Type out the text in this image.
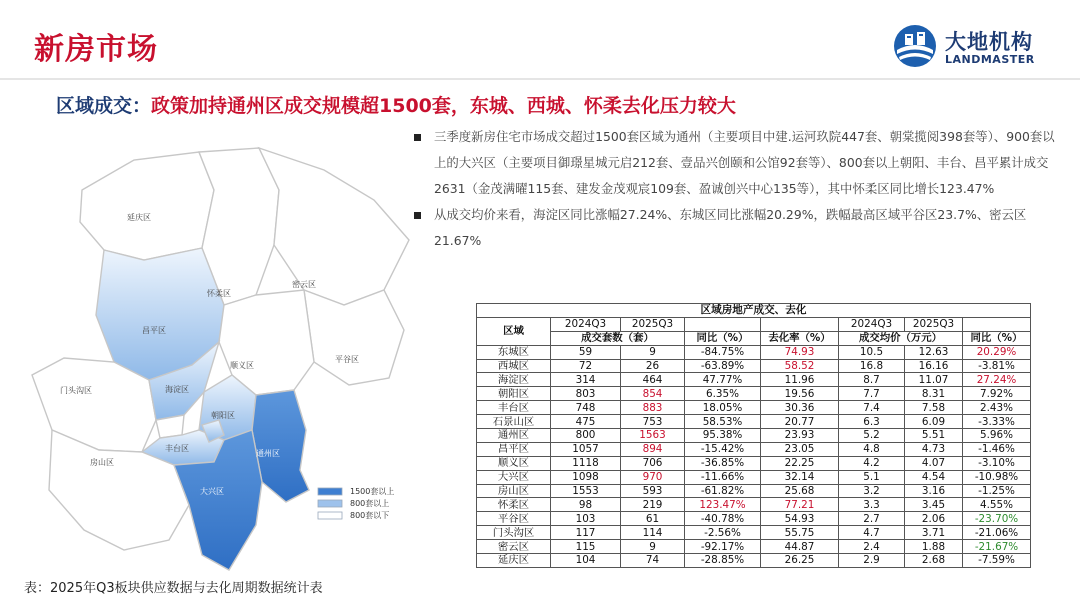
新房市场	大地机构
LANDMASTER
区域成交：政策加持通州区成交规模超1500套，东城、西城、怀柔去化压力较大

三季度新房住宅市场成交超过1500套区域为通州（主要项目中建.运河玖院447套、朝棠揽阅398套等）、900套以上的大兴区（主要项目御璟星城元启212套、壹品兴创颐和公馆92套等）、800套以上朝阳、丰台、昌平累计成交2631（金茂满曜115套、建发金茂观宸109套、盈诚创兴中心135等），其中怀柔区同比增长123.47%

从成交均价来看，海淀区同比涨幅27.24%、东城区同比涨幅20.29%，跌幅最高区域平谷区23.7%、密云区21.67%

延庆区
怀柔区
密云区
昌平区
平谷区
顺义区
门头沟区	海淀区
朝阳区
丰台区
通州区
房山区
大兴区	1500套以上
800套以上
800套以下
区域房地产成交、去化							
区域	2024Q3	2025Q3			2024Q3	2025Q3	
	成交套数（套）		同比（%）	去化率（%）	成交均价（万元）		同比（%）
东城区	59	9	-84.75%	74.93	10.5	12.63	20.29%
西城区	72	26	-63.89%	58.52	16.8	16.16	-3.81%
海淀区	314	464	47.77%	11.96	8.7	11.07	27.24%
朝阳区	803	854	6.35%	19.56	7.7	8.31	7.92%
丰台区	748	883	18.05%	30.36	7.4	7.58	2.43%
石景山区	475	753	58.53%	20.77	6.3	6.09	-3.33%
通州区	800	1563	95.38%	23.93	5.2	5.51	5.96%
昌平区	1057	894	-15.42%	23.05	4.8	4.73	-1.46%
顺义区	1118	706	-36.85%	22.25	4.2	4.07	-3.10%
大兴区	1098	970	-11.66%	32.14	5.1	4.54	-10.98%
房山区	1553	593	-61.82%	25.68	3.2	3.16	-1.25%
怀柔区	98	219	123.47%	77.21	3.3	3.45	4.55%
平谷区	103	61	-40.78%	54.93	2.7	2.06	-23.70%
门头沟区	117	114	-2.56%	55.75	4.7	3.71	-21.06%
密云区	115	9	-92.17%	44.87	2.4	1.88	-21.67%
延庆区	104	74	-28.85%	26.25	2.9	2.68	-7.59%
表：2025年Q3板块供应数据与去化周期数据统计表
